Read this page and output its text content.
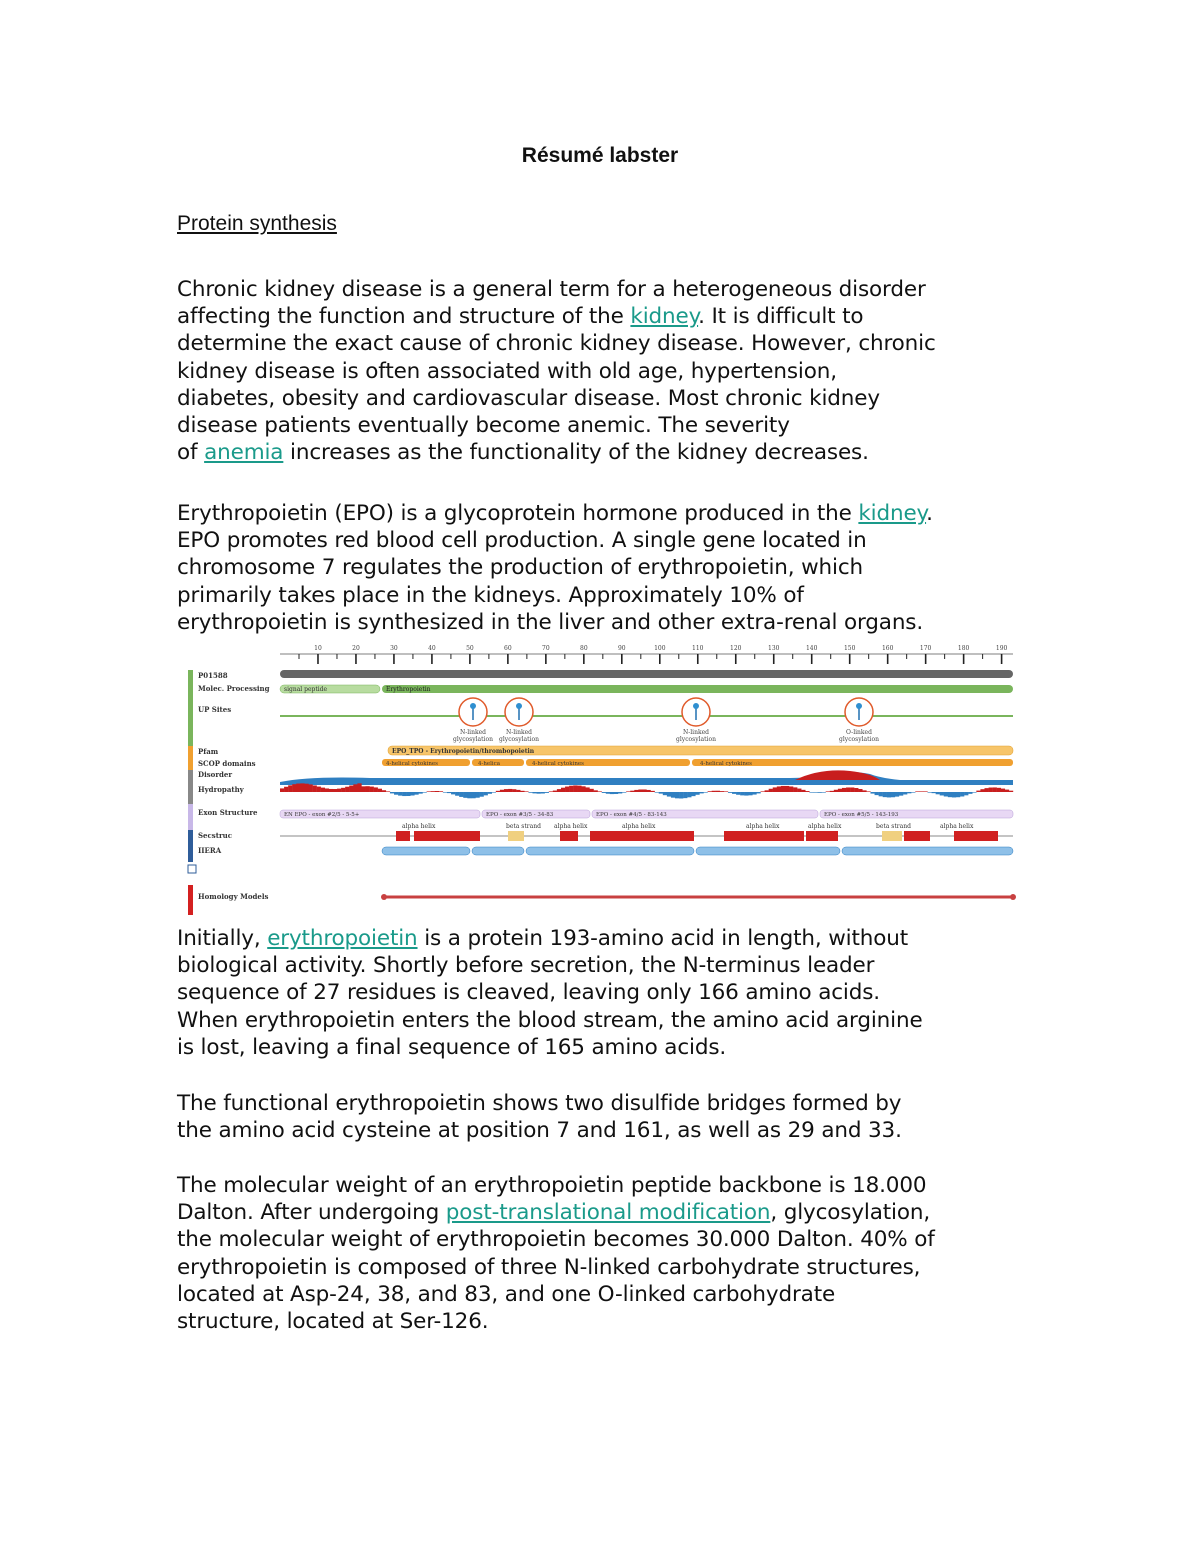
Résumé labster
Protein synthesis
Chronic kidney disease is a general term for a heterogeneous disorder
affecting the function and structure of the kidney. It is difficult to
determine the exact cause of chronic kidney disease. However, chronic
kidney disease is often associated with old age, hypertension,
diabetes, obesity and cardiovascular disease. Most chronic kidney
disease patients eventually become anemic. The severity
of anemia increases as the functionality of the kidney decreases.
Erythropoietin (EPO) is a glycoprotein hormone produced in the kidney.
EPO promotes red blood cell production. A single gene located in
chromosome 7 regulates the production of erythropoietin, which
primarily takes place in the kidneys. Approximately 10% of
erythropoietin is synthesized in the liver and other extra-renal organs.
10	20	30	40	50	60	70	80	90	100	110	120	130	140	150	160	170	180	190
P01588
Molec. Processing
UP Sites
Pfam
SCOP domains
Disorder
Hydropathy
Exon Structure
Secstruc
IIERA
Homology Models
signal peptide	Erythropoietin
N-linked
glycosylation
N-linked
glycosylation
N-linked
glycosylation
O-linked
glycosylation
EPO_TPO - Erythropoietin/thrombopoietin
4-helical cytokines	4-helica	4-helical cytokines	4-helical cytokines
EN EPO - exon #2/5 - 5-5+	EPO - exon #3/5 - 34-83	EPO - exon #4/5 - 83-143	EPO - exon #5/5 - 143-193
alpha helix	beta strand alpha helix	alpha helix	alpha helix	alpha helix	beta strand	alpha helix
Initially, erythropoietin is a protein 193-amino acid in length, without
biological activity. Shortly before secretion, the N-terminus leader
sequence of 27 residues is cleaved, leaving only 166 amino acids.
When erythropoietin enters the blood stream, the amino acid arginine
is lost, leaving a final sequence of 165 amino acids.
The functional erythropoietin shows two disulfide bridges formed by
the amino acid cysteine at position 7 and 161, as well as 29 and 33.
The molecular weight of an erythropoietin peptide backbone is 18.000
Dalton. After undergoing post-translational modification, glycosylation,
the molecular weight of erythropoietin becomes 30.000 Dalton. 40% of
erythropoietin is composed of three N-linked carbohydrate structures,
located at Asp-24, 38, and 83, and one O-linked carbohydrate
structure, located at Ser-126.
